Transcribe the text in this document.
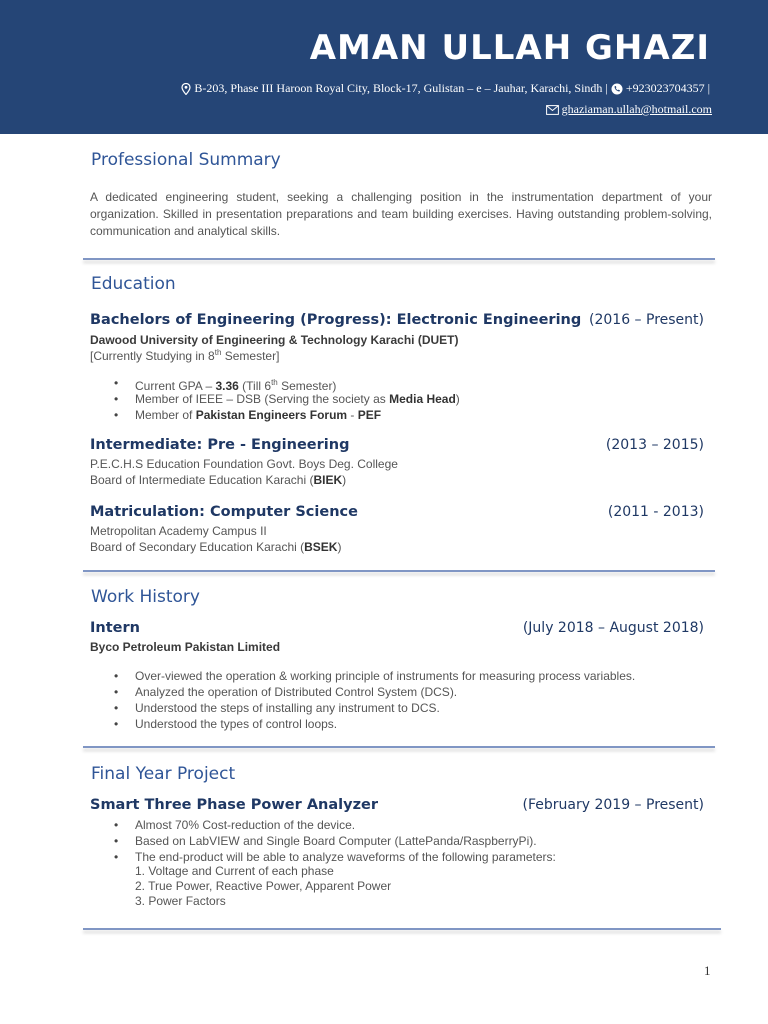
AMAN ULLAH GHAZI
B-203, Phase III Haroon Royal City, Block-17, Gulistan – e – Jauhar, Karachi, Sindh | +923023704357 |
ghaziaman.ullah@hotmail.com
Professional Summary
A dedicated engineering student, seeking a challenging position in the instrumentation department of your organization. Skilled in presentation preparations and team building exercises. Having outstanding problem-solving, communication and analytical skills.
Education
Bachelors of Engineering (Progress): Electronic Engineering (2016 – Present)
Dawood University of Engineering & Technology Karachi (DUET)
[Currently Studying in 8th Semester]
• Current GPA – 3.36 (Till 6th Semester)
• Member of IEEE – DSB (Serving the society as Media Head)
• Member of Pakistan Engineers Forum - PEF
Intermediate: Pre - Engineering	(2013 – 2015)
P.E.C.H.S Education Foundation Govt. Boys Deg. College
Board of Intermediate Education Karachi (BIEK)
Matriculation: Computer Science	(2011 - 2013)
Metropolitan Academy Campus II
Board of Secondary Education Karachi (BSEK)
Work History
Intern	(July 2018 – August 2018)
Byco Petroleum Pakistan Limited
• Over-viewed the operation & working principle of instruments for measuring process variables.
• Analyzed the operation of Distributed Control System (DCS).
• Understood the steps of installing any instrument to DCS.
• Understood the types of control loops.
Final Year Project
Smart Three Phase Power Analyzer	(February 2019 – Present)
• Almost 70% Cost-reduction of the device.
• Based on LabVIEW and Single Board Computer (LattePanda/RaspberryPi).
• The end-product will be able to analyze waveforms of the following parameters:
1. Voltage and Current of each phase
2. True Power, Reactive Power, Apparent Power
3. Power Factors
1
